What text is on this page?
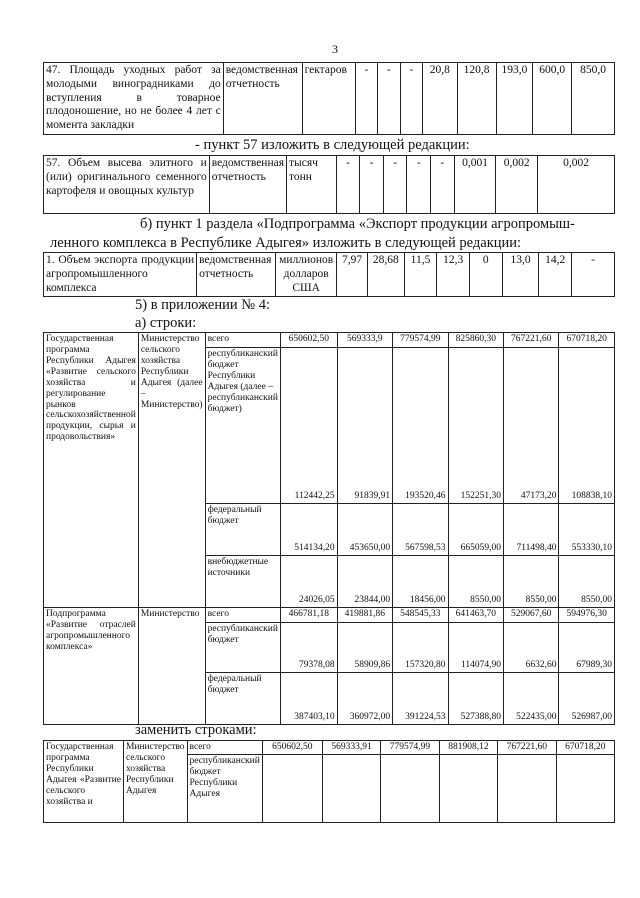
3
47. Площадь уходных работ за молодыми виноградниками до вступления в товарное плодоношение, но не более 4 лет с момента закладки	ведомственная отчетность	гектаров	-	-	-	20,8	120,8	193,0	600,0	850,0
- пункт 57 изложить в следующей редакции:
57. Объем высева элитного и (или) оригинального семенного картофеля и овощных культур	ведомственная отчетность	тысяч тонн	-	-	-	-	-	0,001	0,002	0,002
б) пункт 1 раздела «Подпрограмма «Экспорт продукции агропромыш-
ленного комплекса в Республике Адыгея» изложить в следующей редакции:
1. Объем экспорта продукции агропромышленного комплекса	ведомственная отчетность	миллионов долларов США	7,97	28,68	11,5	12,3	0	13,0	14,2	-
5) в приложении № 4:
а) строки:
Государственная программа Республики Адыгея «Развитие сельского хозяйства и регулирование рынков сельскохозяйственной продукции, сырья и продовольствия»	Министерство сельского хозяйства Республики Адыгея (далее – Министерство)	всего	650602,50	569333,9	779574,99	825860,30	767221,60	670718,20
		республиканский бюджет Республики Адыгея (далее – республиканский бюджет)	112442,25	91839,91	193520,46	152251,30	47173,20	108838,10
		федеральный бюджет	514134,20	453650,00	567598,53	665059,00	711498,40	553330,10
		внебюджетные источники	24026,05	23844,00	18456,00	8550,00	8550,00	8550,00
Подпрограмма «Развитие отраслей агропромышленного комплекса»	Министерство	всего	466781,18	419881,86	548545,33	641463,70	529067,60	594976,30
		республиканский бюджет	79378,08	58909,86	157320,80	114074,90	6632,60	67989,30
		федеральный бюджет	387403,10	360972,00	391224,53	527388,80	522435,00	526987,00
заменить строками:
Государственная программа Республики Адыгея «Развитие сельского хозяйства и	Министерство сельского хозяйства Республики Адыгея	всего	650602,50	569333,91	779574,99	881908,12	767221,60	670718,20
		республиканский бюджет Республики Адыгея						
